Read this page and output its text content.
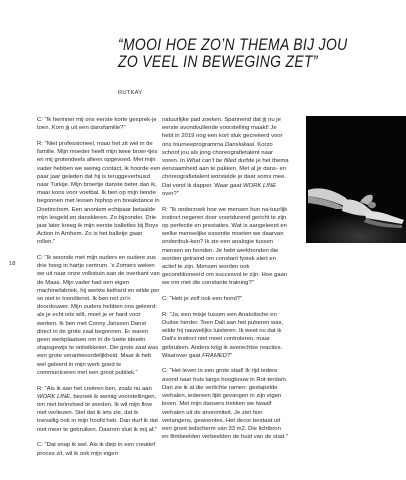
“MOOI HOE ZO’N THEMA BIJ JOU
ZO VEEL IN BEWEGING ZET”
RUTKAY
18

C: "Ik herinner mij ons eerste korte gesprek-je toen. Kom jij uit een dansfamilie?"

R: "Niet professioneel, maar het zit wel in de familie. Mijn moeder heeft mijn twee broer-tjes en mij grotendeels alleen opgevoed. Met mijn vader hebben we weinig contact, ik hoorde een paar jaar geleden dat hij is teruggeverhuisd naar Turkije. Mijn broertje danste beter dan ik, maar koos voor voetbal. Ik ben op mijn tiende begonnen met lessen hiphop en breakdance in Doetinchem. Een anoniem echtpaar betaalde mijn lesgeld en danskleren. Zo bijzonder. Drie jaar later kreeg ik mijn eerste balletles bij Boys Action in Arnhem. Zo is het balletje gaan rollen."

C: "Ik woonde met mijn ouders en oudere zus drie hoog in hartje centrum. 's Zomers weken we uit naar onze volkstuin aan de overkant van de Maas. Mijn vader had een eigen machinefabriek, hij werkte keihard en wilde per se niet in loondienst. Ik ben net zo'n doordouwer. Mijn ouders hebben ons geleerd: als je echt iets wilt, moet je er hard voor werken. Ik ben met Conny Janssen Danst direct in de grote zaal begonnen. Er waren geen werkplaatsen om in de luwte ideeën stapsgewijs te ontwikkelen. Die grote zaal was een grote verantwoordelijkheid. Maar ik heb wel geleerd in mijn werk goed te communiceren met een groot publiek."

R: "Als ik aan het creëren ben, zoals nu aan WORK LINE, bezoek ik weinig voorstellingen, om niet beïnvloed te worden. Ik wil mijn flow niet verliezen. Stel dat ik iets zie, dat ik toevallig ook in mijn hoofd heb. Dan durf ik dat niet meer te gebruiken. Daarom sluit ik mij af."

C: "Dat snap ik wel. Als ik diep in een creatief proces zit, wil ik ook mijn eigen

natuurlijke pad zoeken. Spannend dat jij nu je eerste avondvullende voorstelling maakt! Je hebt in 2019 nog een kort stuk gecreëerd voor ons tourneeprogramma Danslokaal. Korzo schoof jou als jong choreografietalent naar voren. In What can't be filled durfde je het thema eenzaamheid aan te pakken. Met al je dans- en choreografietalent worstelde je daar soms mee. Dat vond ik dapper. Waar gaat WORK LINE over?"

R: "Ik onderzoek hoe we mensen hun na-tuurlijk instinct negeren door voortdurend gericht te zijn op perfectie en prestaties. Wat is aangeleerd en welke menselijke essentie moeten we daarvan onderdruk-ken? Ik zie een analogie tussen mensen en honden. Je hebt werkhonden die worden getraind om constant fysiek alert en actief te zijn. Mensen worden ook geconditioneerd om succesvol te zijn. Hoe gaan we om met die constante training?"

C: "Heb je zelf ook een hond?"

R: "Ja, een mixje tussen een Anatolische en Duitse herder. Toen Dali aan het puberen was, wilde hij nauwelijks luisteren. Ik weet nu dat ik Dali's instinct niet moet controleren, maar gebruiken. Anders krijg ik averechtse reacties. Waarover gaat FRAMED?"

C: "Het leven in een grote stad! Ik rijd iedere avond naar huis langs hoogbouw in Rot-terdam. Dan zie ik al die verlichte ramen: gestapelde verhalen, iedereen lijkt gevangen in zijn eigen leven. Met mijn dansers trekken we twaalf verhalen uit de anonimiteit. Je ziet hun verlangens, gewoontes. Het decor bestaat uit een groot ledscherm van 33 m2. Die lichtbron en filmbeelden verbeelden de huid van de stad."
